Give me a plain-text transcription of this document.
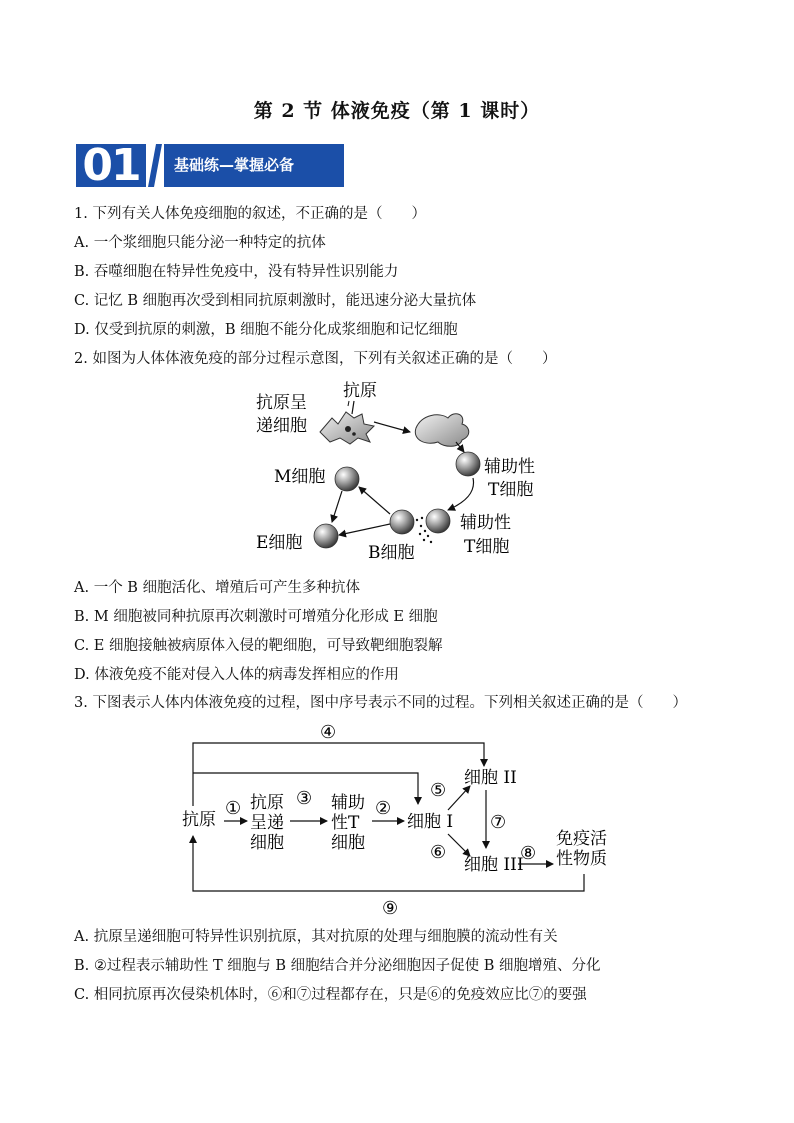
第 2 节 体液免疫（第 1 课时）
01	基础练—掌握必备
1. 下列有关人体免疫细胞的叙述，不正确的是（　　）
A. 一个浆细胞只能分泌一种特定的抗体
B. 吞噬细胞在特异性免疫中，没有特异性识别能力
C. 记忆 B 细胞再次受到相同抗原刺激时，能迅速分泌大量抗体
D. 仅受到抗原的刺激，B 细胞不能分化成浆细胞和记忆细胞
2. 如图为人体体液免疫的部分过程示意图，下列有关叙述正确的是（　　）
抗原呈
递细胞
抗原
辅助性
T细胞
辅助性
T细胞
B细胞
M细胞
E细胞
A. 一个 B 细胞活化、增殖后可产生多种抗体
B. M 细胞被同种抗原再次刺激时可增殖分化形成 E 细胞
C. E 细胞接触被病原体入侵的靶细胞，可导致靶细胞裂解
D. 体液免疫不能对侵入人体的病毒发挥相应的作用
3. 下图表示人体内体液免疫的过程，图中序号表示不同的过程。下列相关叙述正确的是（　　）
④
抗原
① 抗原
呈递
细胞
③ 辅助
性T
细胞
②
细胞 I
⑤
⑥
细胞 II
⑦
细胞 III
⑧
免疫活
性物质
⑨
A. 抗原呈递细胞可特异性识别抗原，其对抗原的处理与细胞膜的流动性有关
B. ②过程表示辅助性 T 细胞与 B 细胞结合并分泌细胞因子促使 B 细胞增殖、分化
C. 相同抗原再次侵染机体时，⑥和⑦过程都存在，只是⑥的免疫效应比⑦的要强
